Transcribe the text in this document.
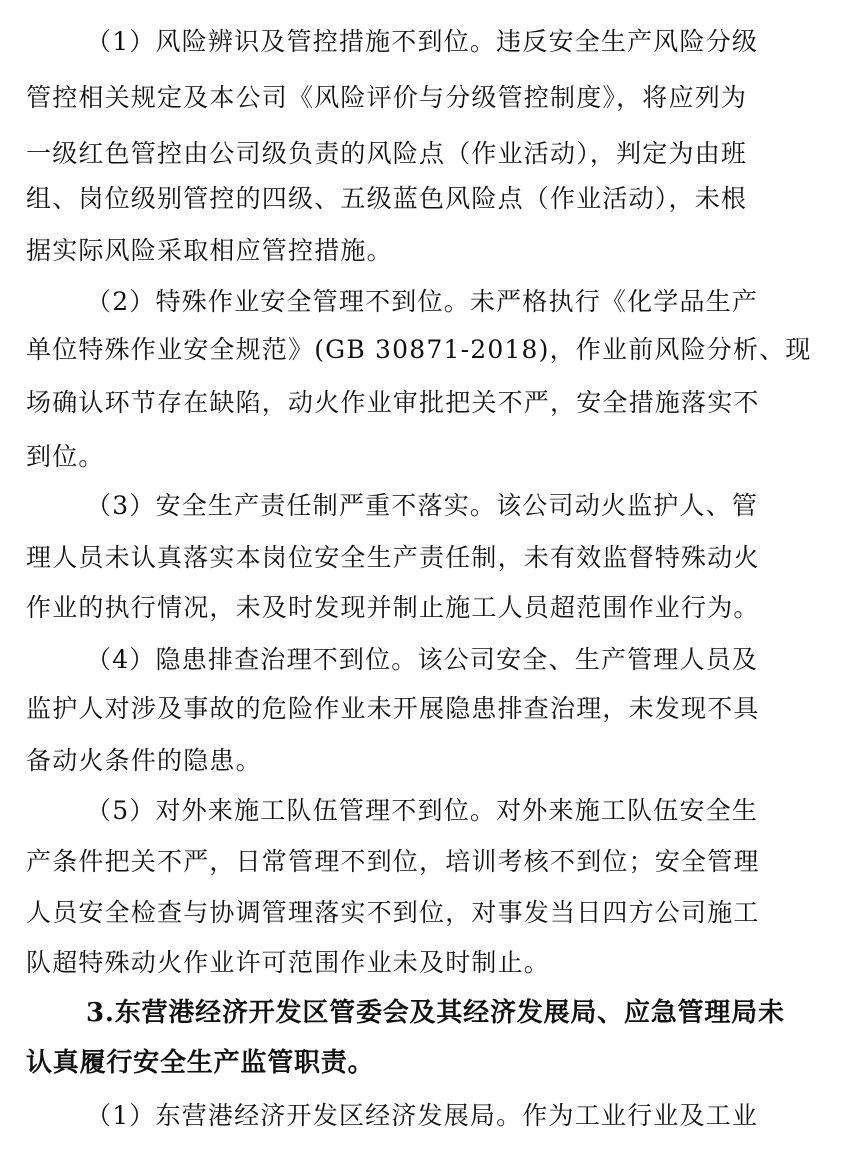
（1）风险辨识及管控措施不到位。违反安全生产风险分级
管控相关规定及本公司《风险评价与分级管控制度》，将应列为
一级红色管控由公司级负责的风险点（作业活动），判定为由班
组、岗位级别管控的四级、五级蓝色风险点（作业活动），未根
据实际风险采取相应管控措施。
（2）特殊作业安全管理不到位。未严格执行《化学品生产
单位特殊作业安全规范》(GB 30871-2018)，作业前风险分析、现
场确认环节存在缺陷，动火作业审批把关不严，安全措施落实不
到位。
（3）安全生产责任制严重不落实。该公司动火监护人、管
理人员未认真落实本岗位安全生产责任制，未有效监督特殊动火
作业的执行情况，未及时发现并制止施工人员超范围作业行为。
（4）隐患排查治理不到位。该公司安全、生产管理人员及
监护人对涉及事故的危险作业未开展隐患排查治理，未发现不具
备动火条件的隐患。
（5）对外来施工队伍管理不到位。对外来施工队伍安全生
产条件把关不严，日常管理不到位，培训考核不到位；安全管理
人员安全检查与协调管理落实不到位，对事发当日四方公司施工
队超特殊动火作业许可范围作业未及时制止。
3.东营港经济开发区管委会及其经济发展局、应急管理局未
认真履行安全生产监管职责。
（1）东营港经济开发区经济发展局。作为工业行业及工业
